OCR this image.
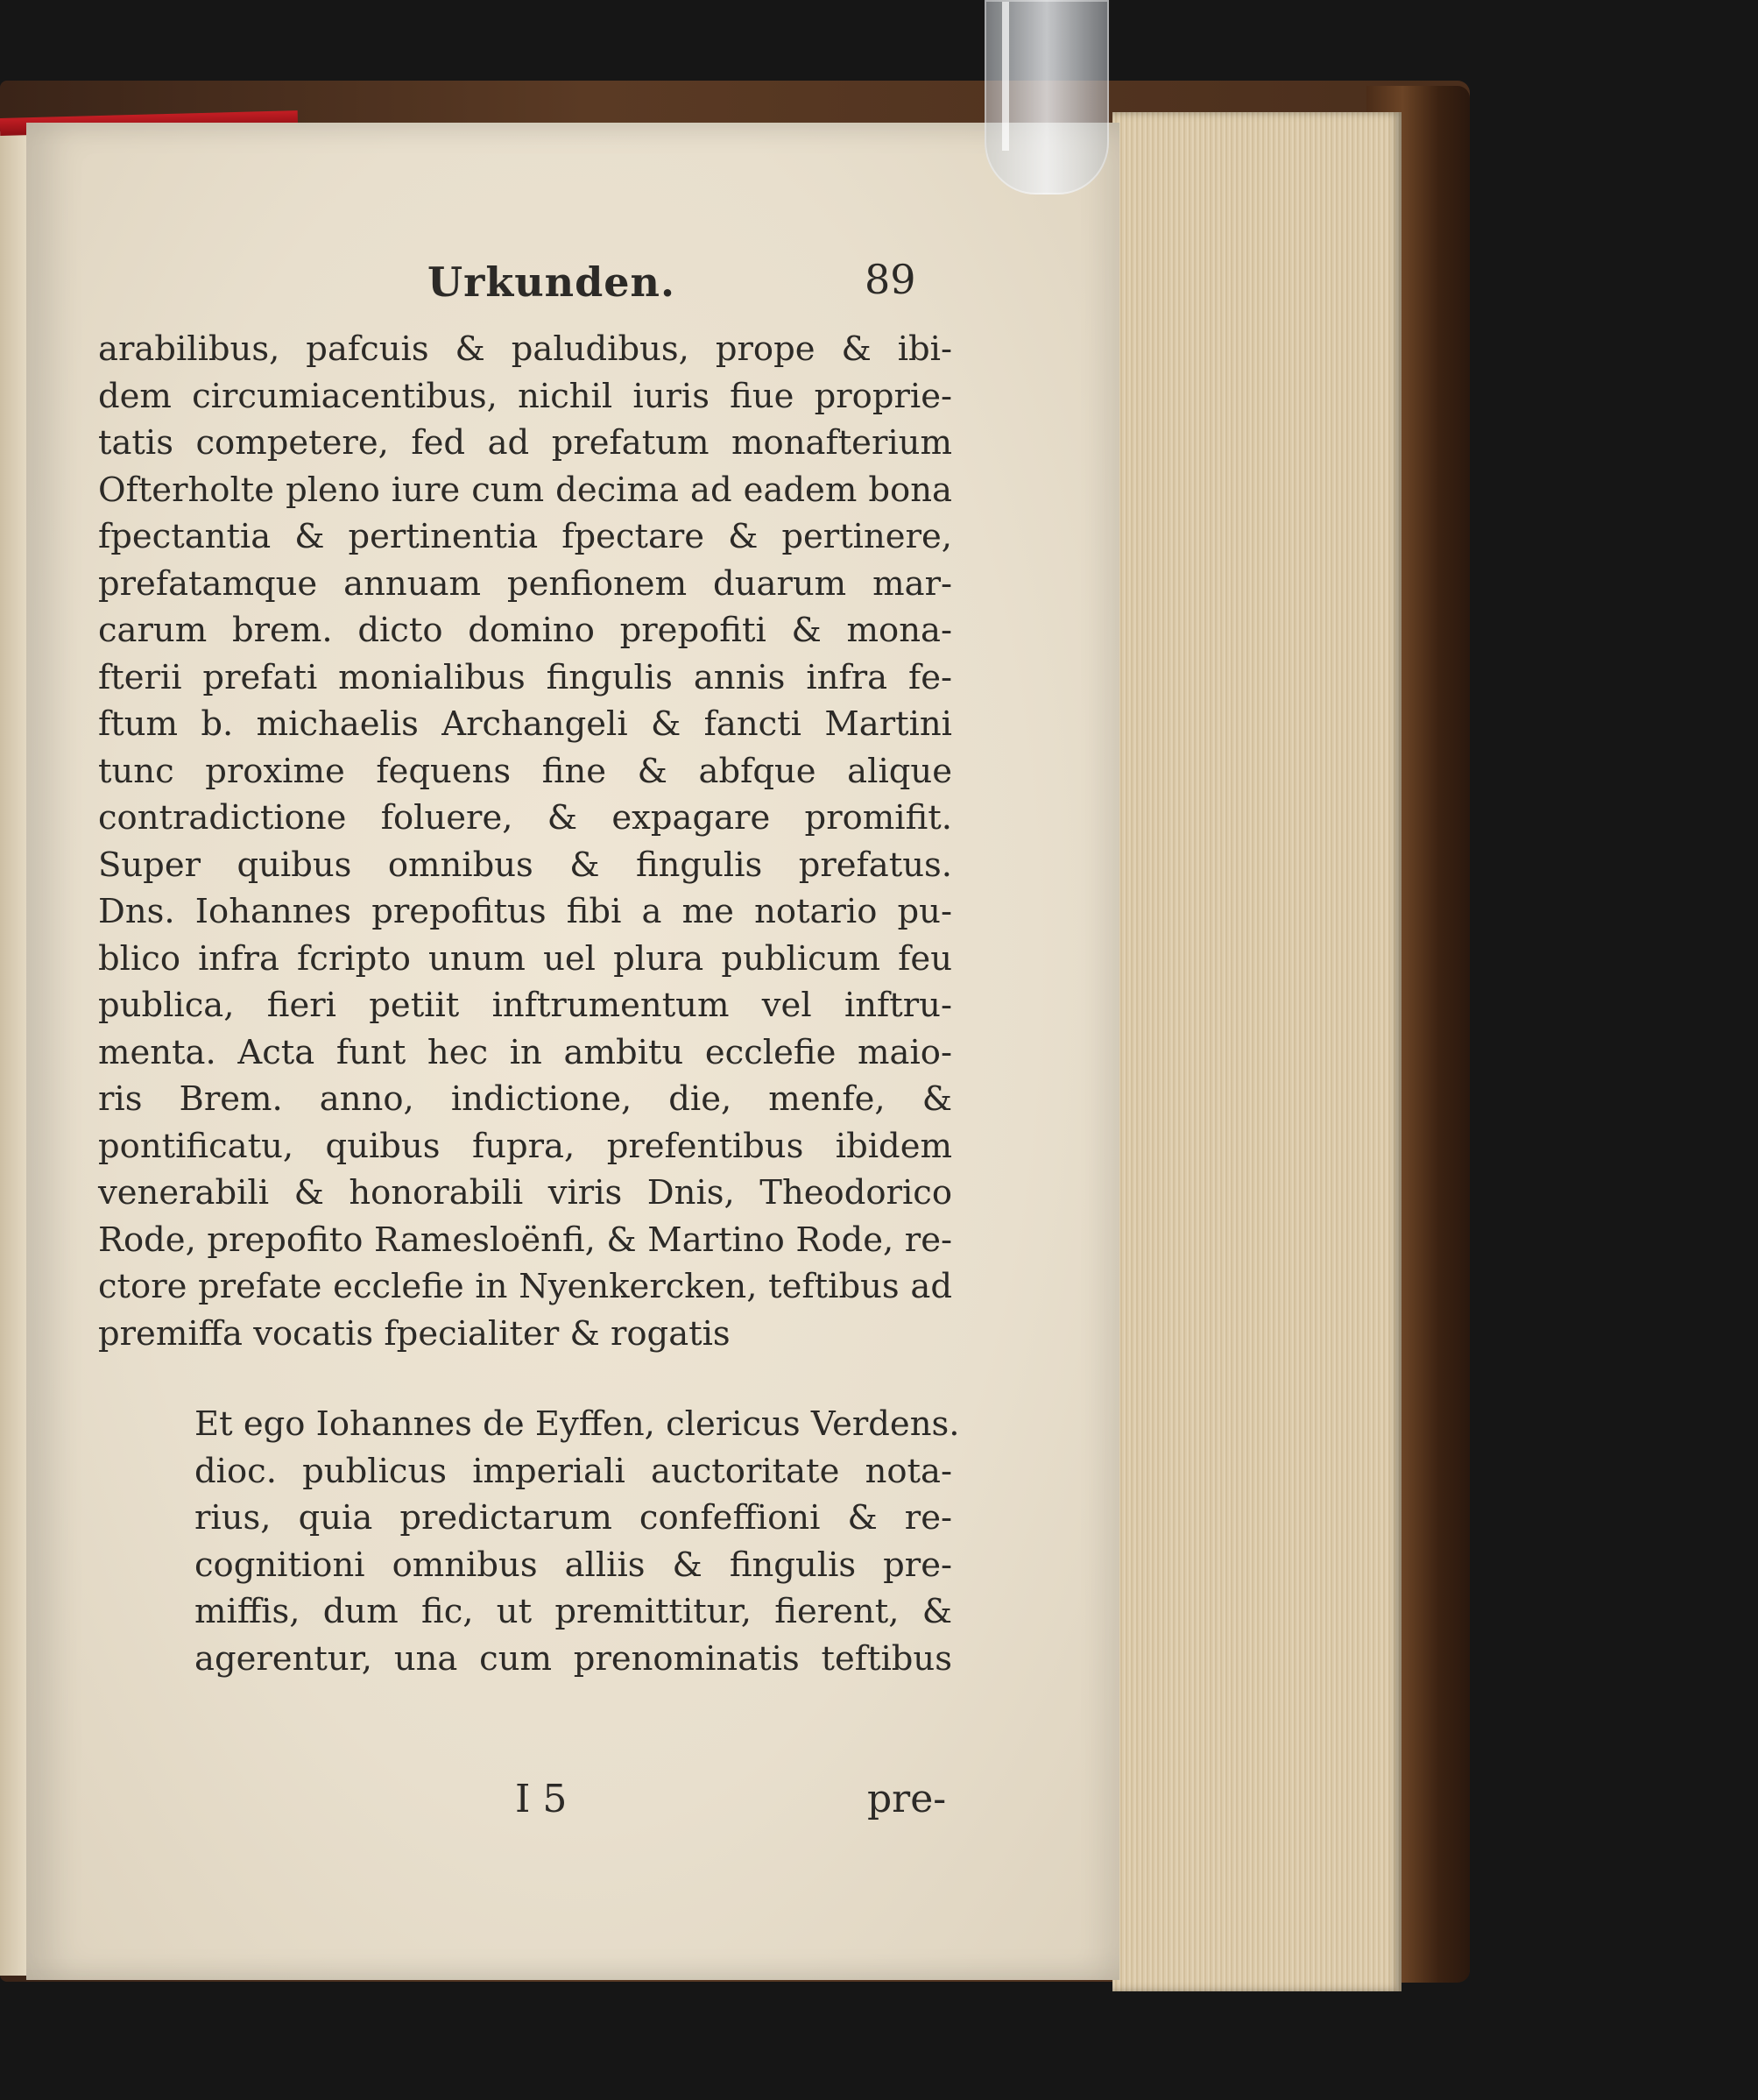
Urkunden.	89
arabilibus, pafcuis & paludibus, prope & ibi-
dem circumiacentibus, nichil iuris fiue proprie-
tatis competere, fed ad prefatum monafterium
Ofterholte pleno iure cum decima ad eadem bona
fpectantia & pertinentia fpectare & pertinere,
prefatamque annuam penfionem duarum mar-
carum brem. dicto domino prepofiti & mona-
fterii prefati monialibus fingulis annis infra fe-
ftum b. michaelis Archangeli & fancti Martini
tunc proxime fequens fine & abfque alique
contradictione foluere, & expagare promifit.
Super quibus omnibus & fingulis prefatus.
Dns. Iohannes prepofitus fibi a me notario pu-
blico infra fcripto unum uel plura publicum feu
publica, fieri petiit inftrumentum vel inftru-
menta. Acta funt hec in ambitu ecclefie maio-
ris Brem. anno, indictione, die, menfe, &
pontificatu, quibus fupra, prefentibus ibidem
venerabili & honorabili viris Dnis, Theodorico
Rode, prepofito Ramesloënfi, & Martino Rode, re-
ctore prefate ecclefie in Nyenkercken, teftibus ad
premiffa vocatis fpecialiter & rogatis
Et ego Iohannes de Eyffen, clericus Verdens.
dioc. publicus imperiali auctoritate nota-
rius, quia predictarum confeffioni & re-
cognitioni omnibus alliis & fingulis pre-
miffis, dum fic, ut premittitur, fierent, &
agerentur, una cum prenominatis teftibus
I 5	pre-
